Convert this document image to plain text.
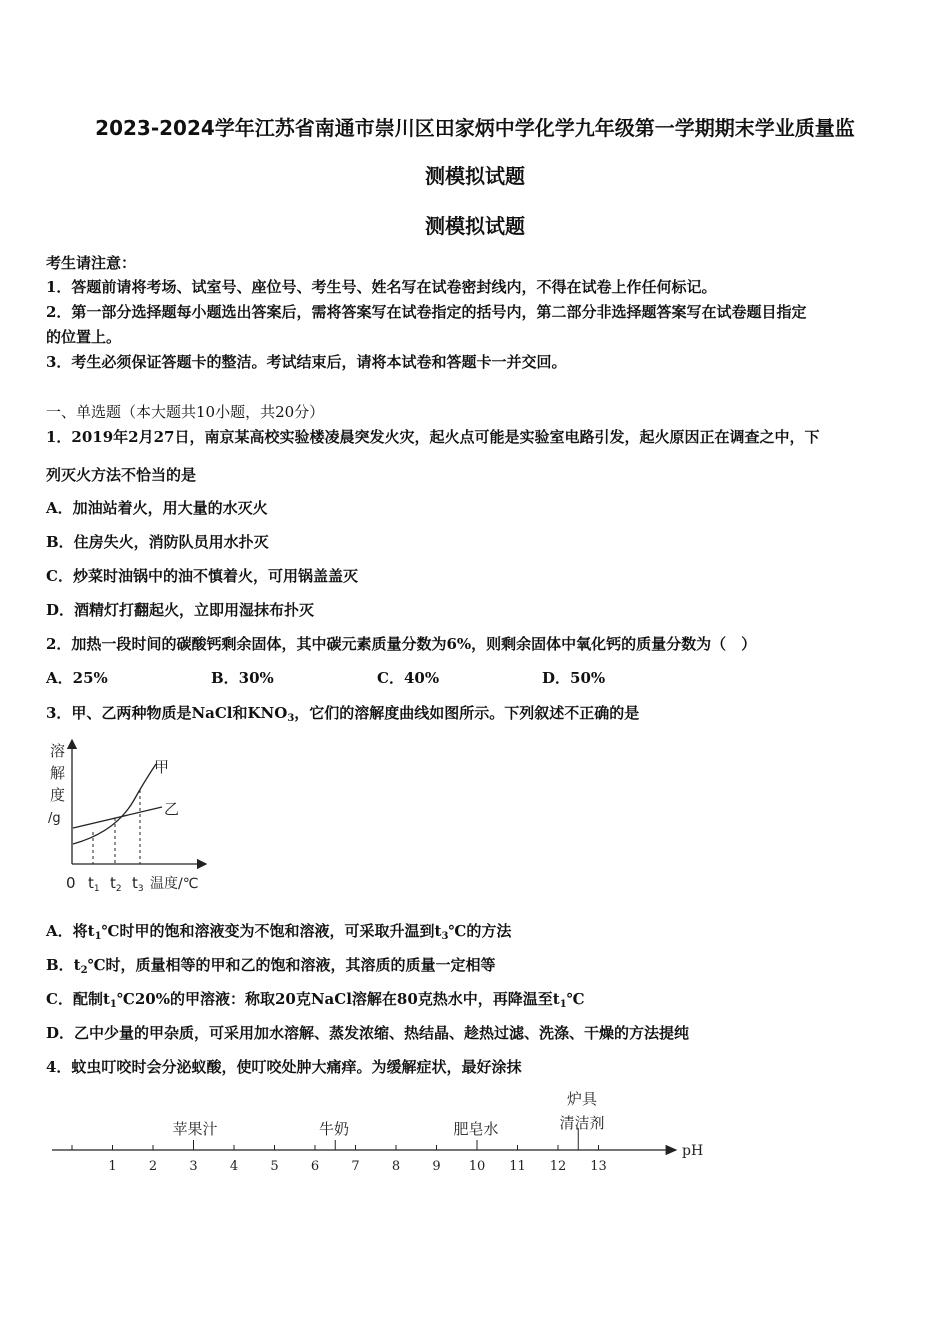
2023-2024学年江苏省南通市崇川区田家炳中学化学九年级第一学期期末学业质量监
测模拟试题
测模拟试题
考生请注意：
1．答题前请将考场、试室号、座位号、考生号、姓名写在试卷密封线内，不得在试卷上作任何标记。
2．第一部分选择题每小题选出答案后，需将答案写在试卷指定的括号内，第二部分非选择题答案写在试卷题目指定
的位置上。
3．考生必须保证答题卡的整洁。考试结束后，请将本试卷和答题卡一并交回。
一、单选题（本大题共10小题，共20分）
1．2019年2月27日，南京某高校实验楼凌晨突发火灾，起火点可能是实验室电路引发，起火原因正在调查之中，下
列灭火方法不恰当的是
A．加油站着火，用大量的水灭火
B．住房失火，消防队员用水扑灭
C．炒菜时油锅中的油不慎着火，可用锅盖盖灭
D．酒精灯打翻起火，立即用湿抹布扑灭
2．加热一段时间的碳酸钙剩余固体，其中碳元素质量分数为6%，则剩余固体中氧化钙的质量分数为（　）
A．25%	B．30%	C．40%	D．50%
3．甲、乙两种物质是NaCl和$KNO_3$，它们的溶解度曲线如图所示。下列叙述不正确的是
溶
解
度
/g
甲
乙
0 $t_1$ $t_2$ $t_3$ 温度/℃
A．将$t_1℃$时甲的饱和溶液变为不饱和溶液，可采取升温到$t_3℃$的方法
B．$t_2℃$时，质量相等的甲和乙的饱和溶液，其溶质的质量一定相等
C．配制$t_1℃20\%$的甲溶液：称取20克NaCl溶解在80克热水中，再降温至$t_1℃$
D．乙中少量的甲杂质，可采用加水溶解、蒸发浓缩、热结晶、趁热过滤、洗涤、干燥的方法提纯
4．蚊虫叮咬时会分泌蚁酸，使叮咬处肿大痛痒。为缓解症状，最好涂抹
pH
1 2 3 4 5 6 7 8 9 10 11 12 13
苹果汁	牛奶	肥皂水
炉具
清洁剂
